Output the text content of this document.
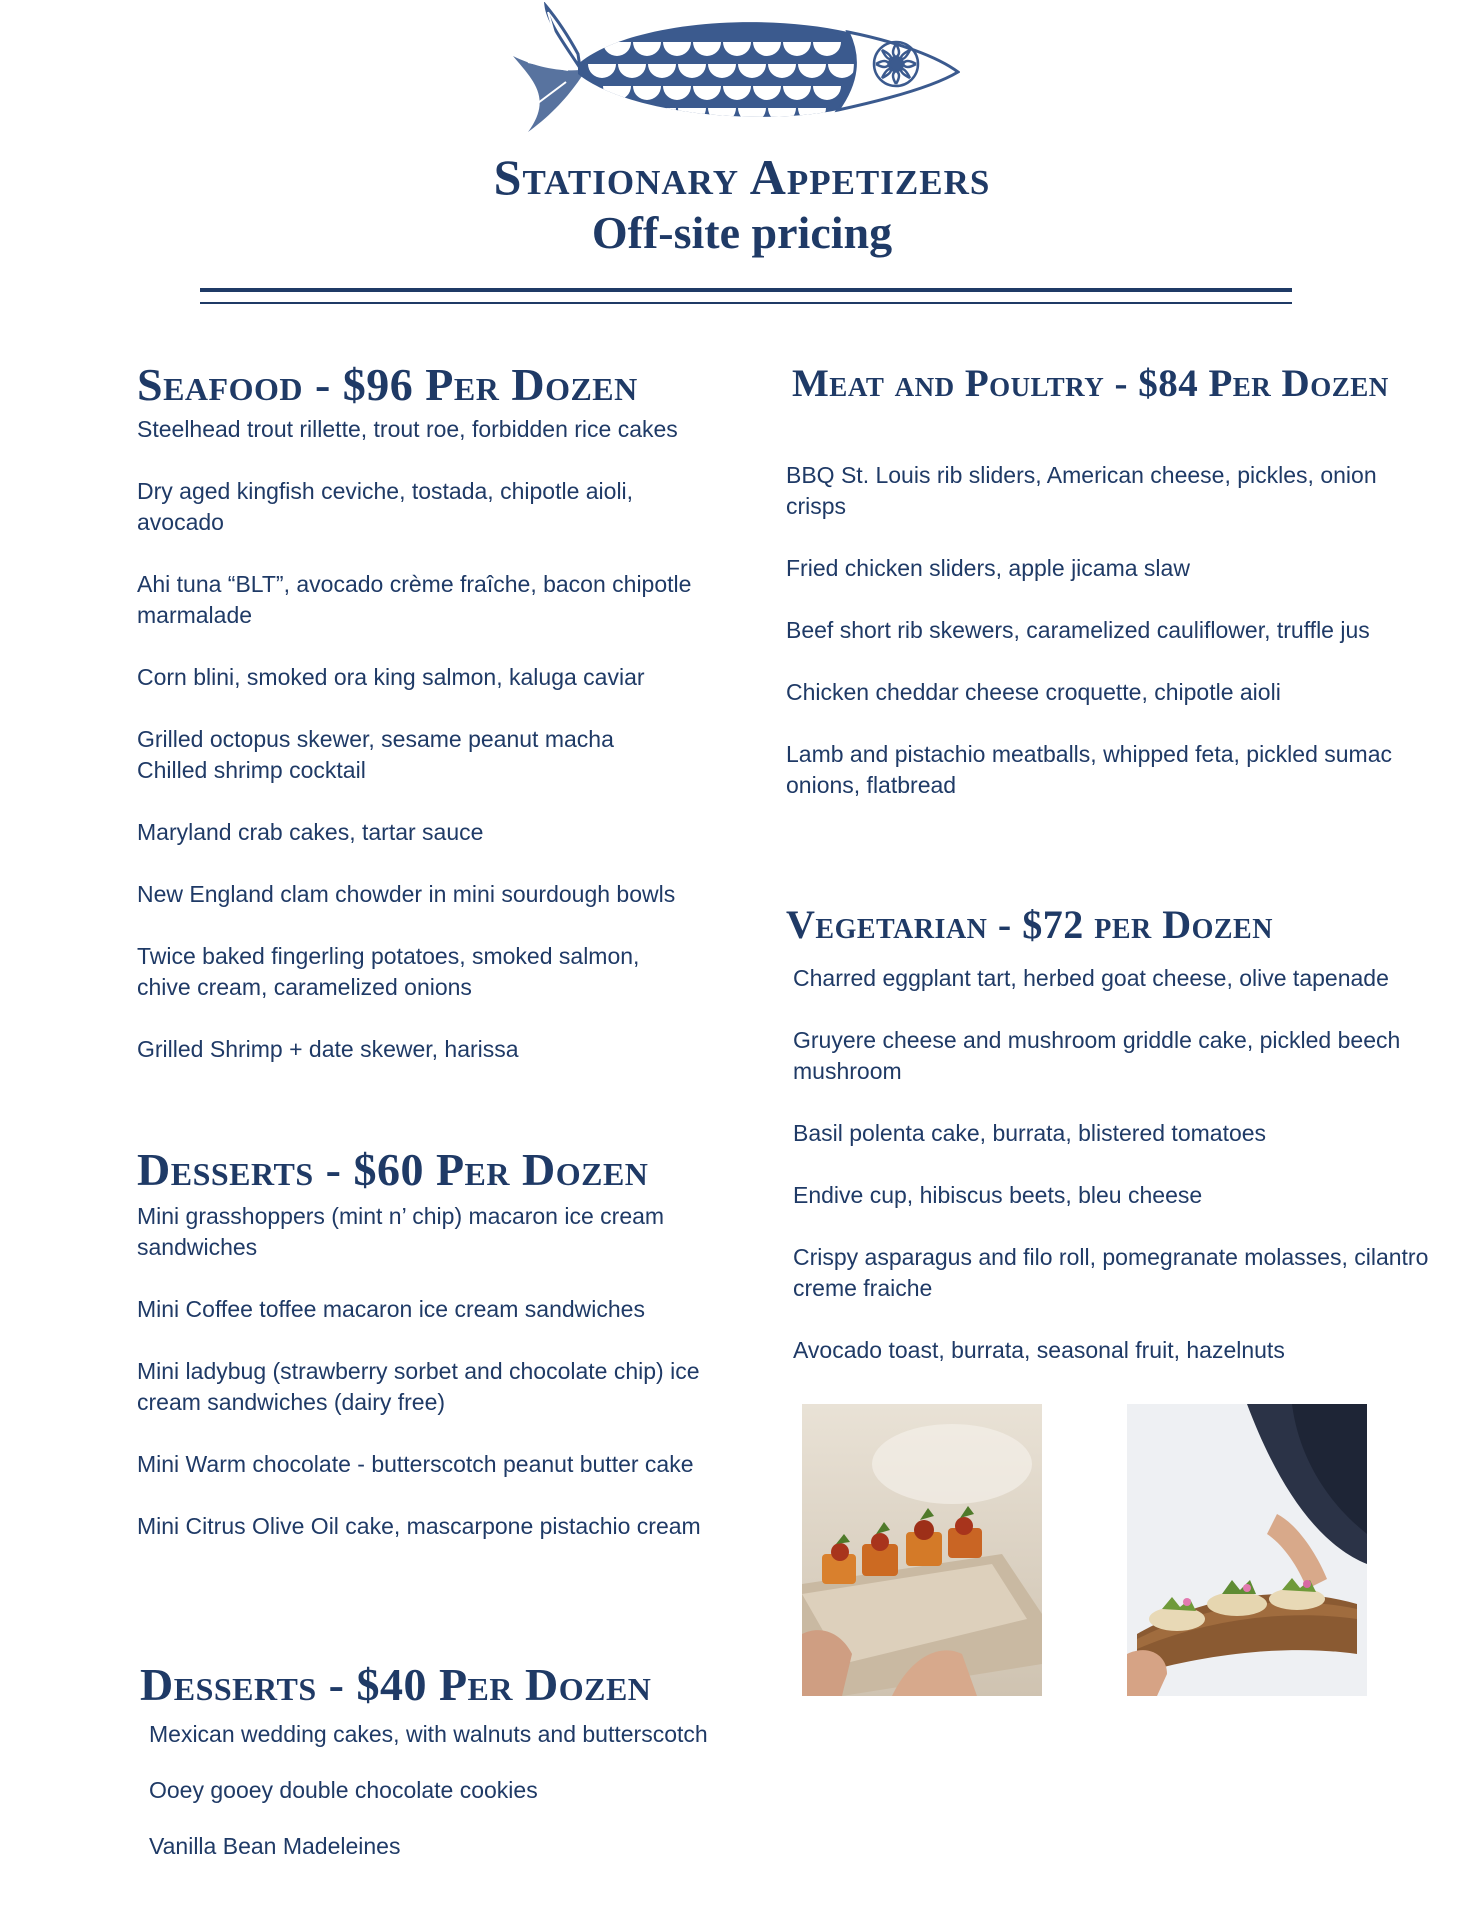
Stationary Appetizers
Off-site pricing
Seafood - $96 Per Dozen
Steelhead trout rillette, trout roe, forbidden rice cakes
Dry aged kingfish ceviche, tostada, chipotle aioli, avocado
Ahi tuna “BLT”, avocado crème fraîche, bacon chipotle marmalade
Corn blini, smoked ora king salmon, kaluga caviar
Grilled octopus skewer, sesame peanut macha
Chilled shrimp cocktail
Maryland crab cakes, tartar sauce
New England clam chowder in mini sourdough bowls
Twice baked fingerling potatoes, smoked salmon, chive cream, caramelized onions
Grilled Shrimp + date skewer, harissa
Meat and Poultry - $84 Per Dozen
BBQ St. Louis rib sliders, American cheese, pickles, onion crisps
Fried chicken sliders, apple jicama slaw
Beef short rib skewers, caramelized cauliflower, truffle jus
Chicken cheddar cheese croquette, chipotle aioli
Lamb and pistachio meatballs, whipped feta, pickled sumac onions, flatbread
Vegetarian - $72 per Dozen
Charred eggplant tart, herbed goat cheese, olive tapenade
Gruyere cheese and mushroom griddle cake, pickled beech mushroom
Basil polenta cake, burrata, blistered tomatoes
Endive cup, hibiscus beets, bleu cheese
Crispy asparagus and filo roll, pomegranate molasses, cilantro creme fraiche
Avocado toast, burrata, seasonal fruit, hazelnuts
Desserts - $60 Per Dozen
Mini grasshoppers (mint n’ chip) macaron ice cream sandwiches
Mini Coffee toffee macaron ice cream sandwiches
Mini ladybug (strawberry sorbet and chocolate chip) ice cream sandwiches (dairy free)
Mini Warm chocolate - butterscotch peanut butter cake
Mini Citrus Olive Oil cake, mascarpone pistachio cream
Desserts - $40 Per Dozen
Mexican wedding cakes, with walnuts and butterscotch
Ooey gooey double chocolate cookies
Vanilla Bean Madeleines
